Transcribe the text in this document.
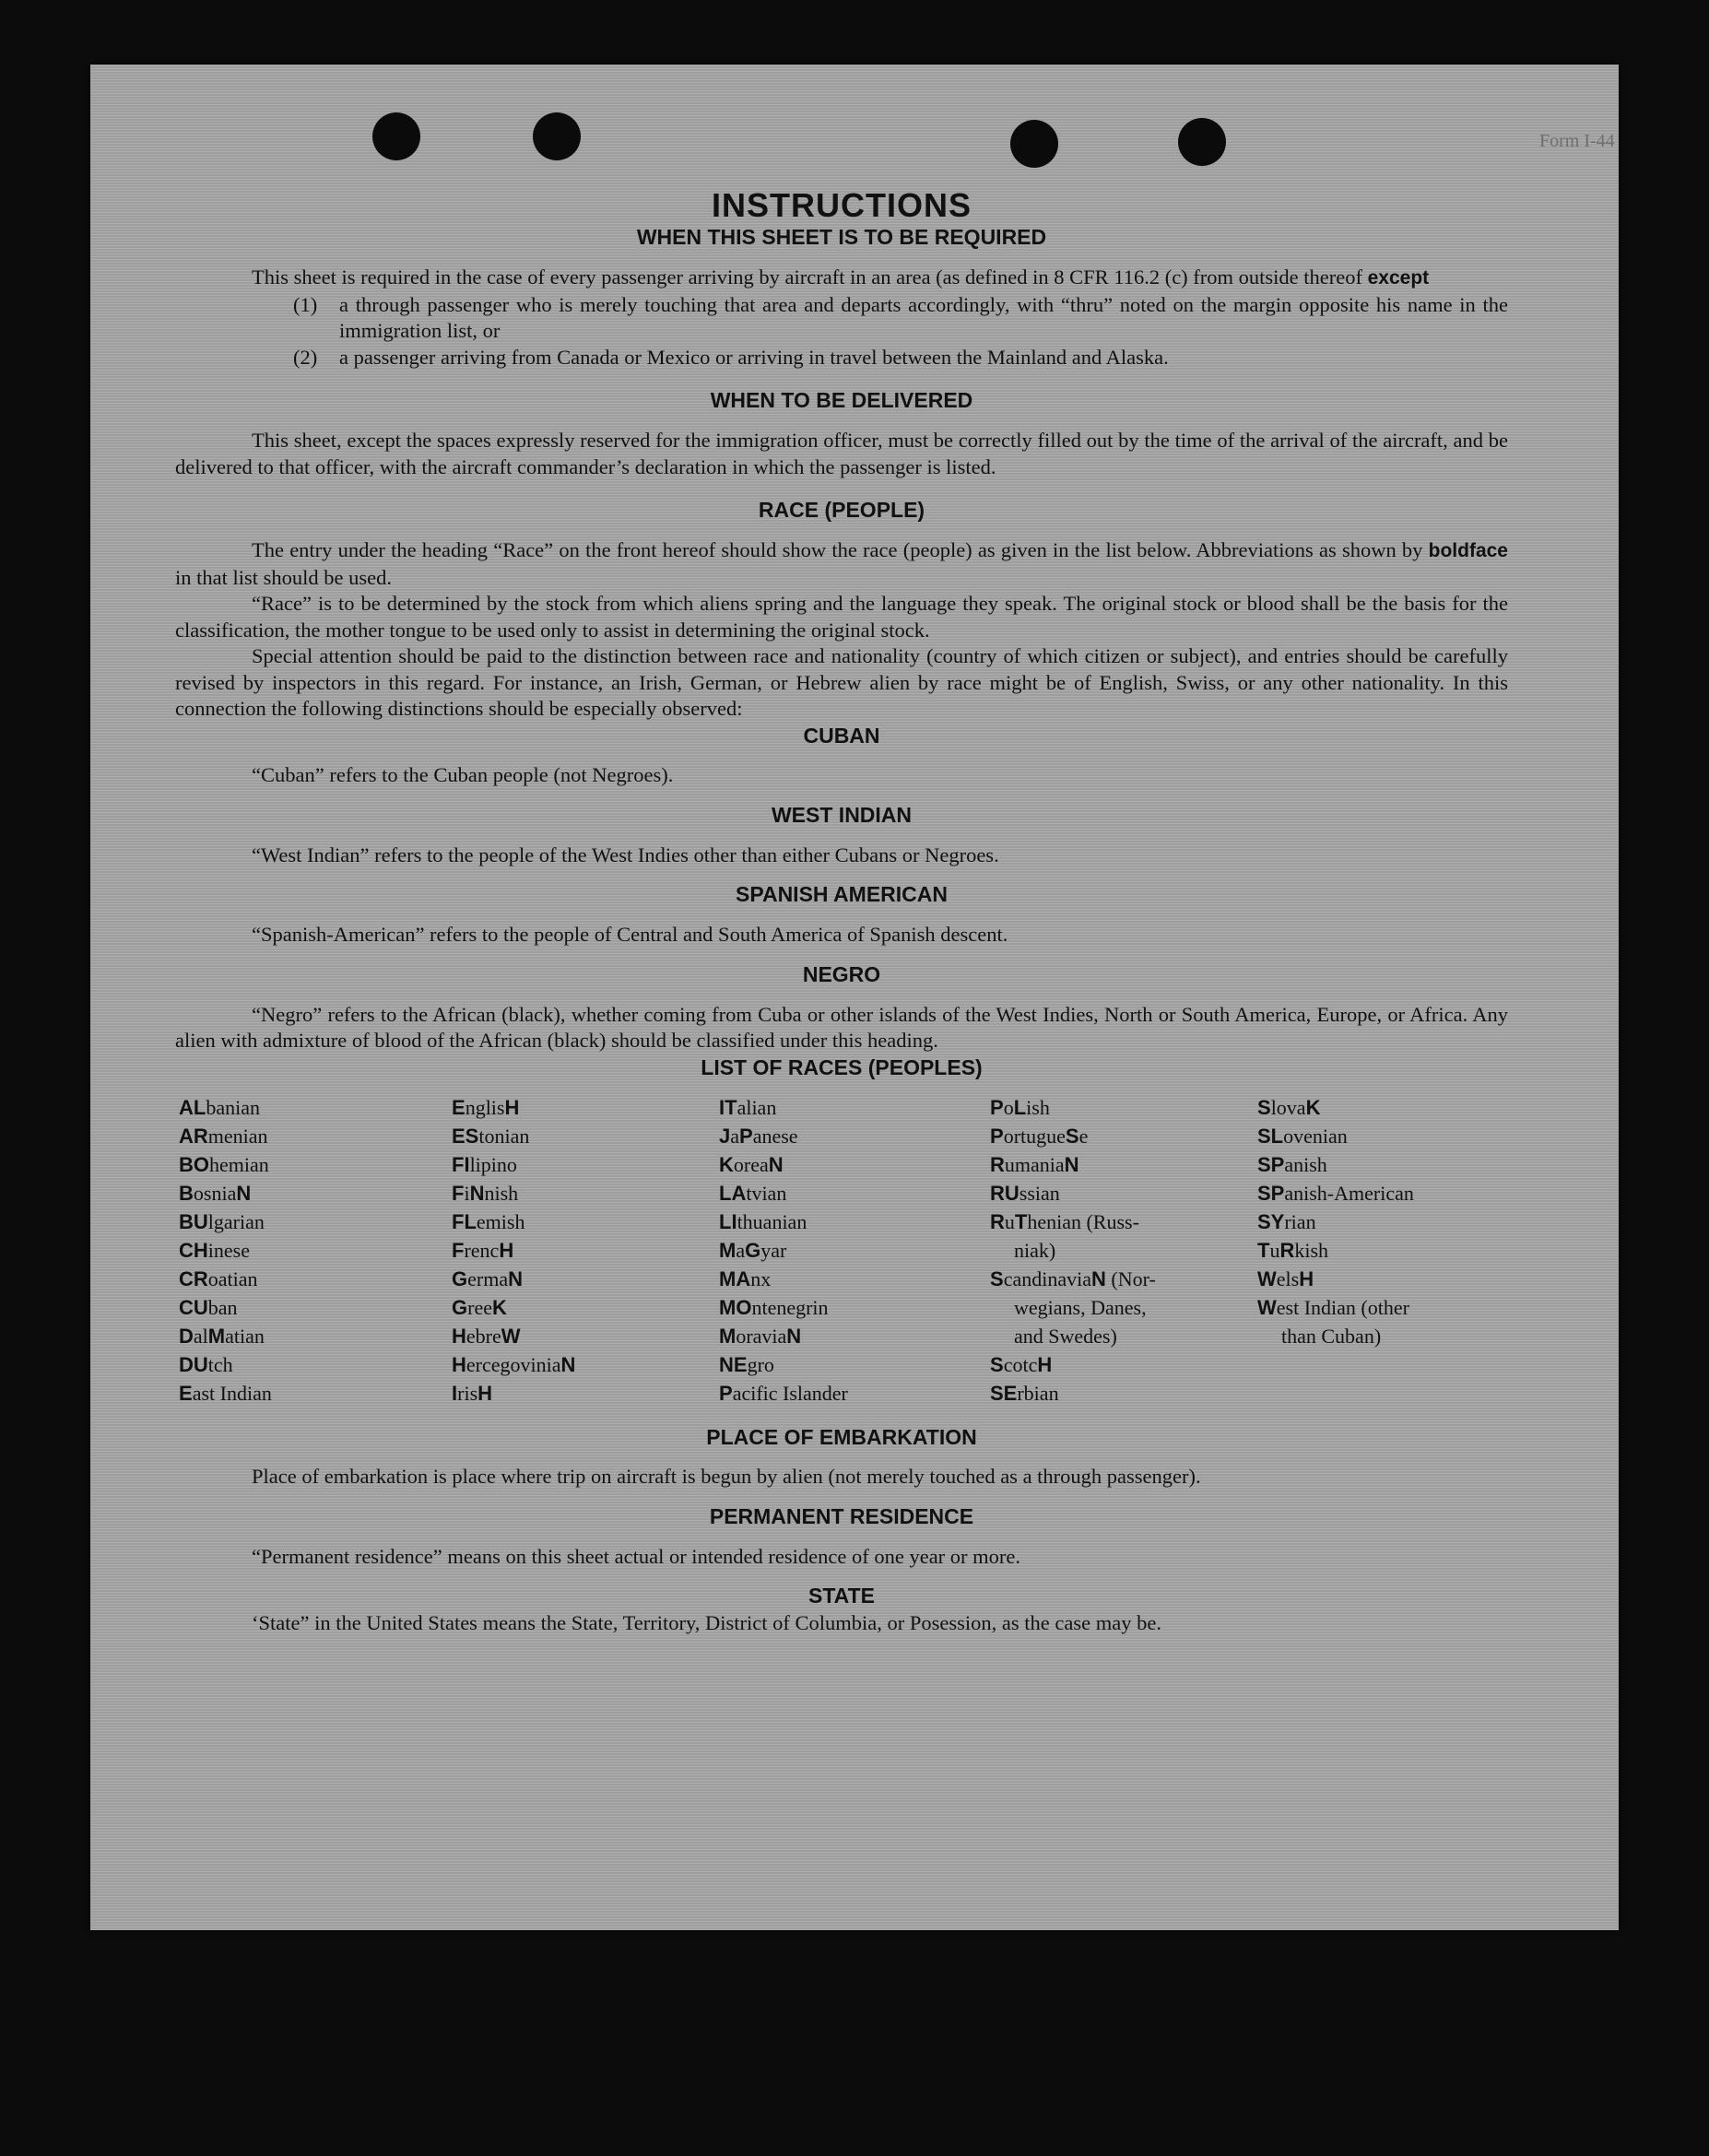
Form I-44
INSTRUCTIONS
WHEN THIS SHEET IS TO BE REQUIRED

This sheet is required in the case of every passenger arriving by aircraft in an area (as defined in 8 CFR 116.2 (c) from outside thereof except

(1)	a through passenger who is merely touching that area and departs accordingly, with “thru” noted on the margin opposite his name in the immigration list, or
(2)	a passenger arriving from Canada or Mexico or arriving in travel between the Mainland and Alaska.
WHEN TO BE DELIVERED

This sheet, except the spaces expressly reserved for the immigration officer, must be correctly filled out by the time of the arrival of the aircraft, and be delivered to that officer, with the aircraft commander’s declaration in which the passenger is listed.

RACE (PEOPLE)

The entry under the heading “Race” on the front hereof should show the race (people) as given in the list below. Abbreviations as shown by boldface in that list should be used.

“Race” is to be determined by the stock from which aliens spring and the language they speak. The original stock or blood shall be the basis for the classification, the mother tongue to be used only to assist in determining the original stock.

Special attention should be paid to the distinction between race and nationality (country of which citizen or subject), and entries should be carefully revised by inspectors in this regard. For instance, an Irish, German, or Hebrew alien by race might be of English, Swiss, or any other nationality. In this connection the following distinctions should be especially observed:

CUBAN

“Cuban” refers to the Cuban people (not Negroes).

WEST INDIAN

“West Indian” refers to the people of the West Indies other than either Cubans or Negroes.

SPANISH AMERICAN

“Spanish-American” refers to the people of Central and South America of Spanish descent.

NEGRO

“Negro” refers to the African (black), whether coming from Cuba or other islands of the West Indies, North or South America, Europe, or Africa. Any alien with admixture of blood of the African (black) should be classified under this heading.

LIST OF RACES (PEOPLES)
ALbanian
ARmenian
BOhemian
BosniaN
BUlgarian
CHinese
CRoatian
CUban
DalMatian
DUtch
East Indian
EnglisH
EStonian
FIlipino
FiNnish
FLemish
FrencH
GermaN
GreeK
HebreW
HercegoviniaN
IrisH
ITalian
JaPanese
KoreaN
LAtvian
LIthuanian
MaGyar
MAnx
MOntenegrin
MoraviaN
NEgro
Pacific Islander
PoLish
PortugueSe
RumaniaN
RUssian
RuThenian (Russ-
niak)
ScandinaviaN (Nor-
wegians, Danes,
and Swedes)
ScotcH
SErbian
SlovaK
SLovenian
SPanish
SPanish-American
SYrian
TuRkish
WelsH
West Indian (other
than Cuban)
PLACE OF EMBARKATION

Place of embarkation is place where trip on aircraft is begun by alien (not merely touched as a through passenger).

PERMANENT RESIDENCE

“Permanent residence” means on this sheet actual or intended residence of one year or more.

STATE

‘State” in the United States means the State, Territory, District of Columbia, or Posession, as the case may be.
